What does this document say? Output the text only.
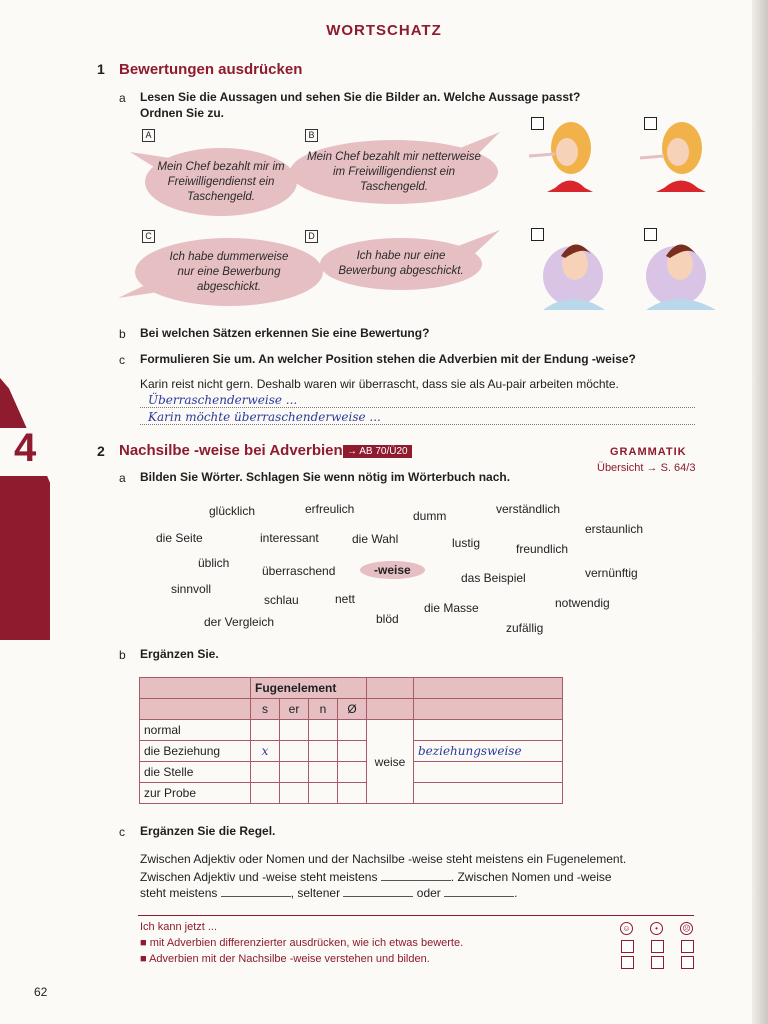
4
62
WORTSCHATZ
1 Bewertungen ausdrücken
a Lesen Sie die Aussagen und sehen Sie die Bilder an. Welche Aussage passt?
Ordnen Sie zu.
A	B
C	D
Mein Chef bezahlt mir im Freiwilligendienst ein Taschengeld.
Mein Chef bezahlt mir netterweise im Freiwilligendienst ein Taschengeld.
Ich habe dummerweise nur eine Bewerbung abgeschickt.
Ich habe nur eine Bewerbung abgeschickt.
b Bei welchen Sätzen erkennen Sie eine Bewertung?
c Formulieren Sie um. An welcher Position stehen die Adverbien mit der Endung -weise?
Karin reist nicht gern. Deshalb waren wir überrascht, dass sie als Au-pair arbeiten möchte.
Überraschenderweise ...
Karin möchte überraschenderweise ...
2 Nachsilbe -weise bei Adverbien → AB 70/Ü20	GRAMMATIK
Übersicht → S. 64/3
a Bilden Sie Wörter. Schlagen Sie wenn nötig im Wörterbuch nach.
glücklich	erfreulich	dumm	verständlich
erstaunlich
die Seite	interessant	die Wahl	lustig	freundlich
üblich
überraschend	-weise
das Beispiel	vernünftig
sinnvoll
schlau	nett
die Masse	notwendig
der Vergleich	blöd
zufällig
b Ergänzen Sie.
	Fugenelement					
	s	er	n	Ø		
normal					weise	
die Beziehung	x					beziehungsweise
die Stelle						
zur Probe						
c Ergänzen Sie die Regel.
Zwischen Adjektiv oder Nomen und der Nachsilbe -weise steht meistens ein Fugenelement.
Zwischen Adjektiv und -weise steht meistens	. Zwischen Nomen und -weise
steht meistens	, seltener	oder	.
Ich kann jetzt ...
■ mit Adverbien differenzierter ausdrücken, wie ich etwas bewerte.
■ Adverbien mit der Nachsilbe -weise verstehen und bilden.
☺	•	☹
